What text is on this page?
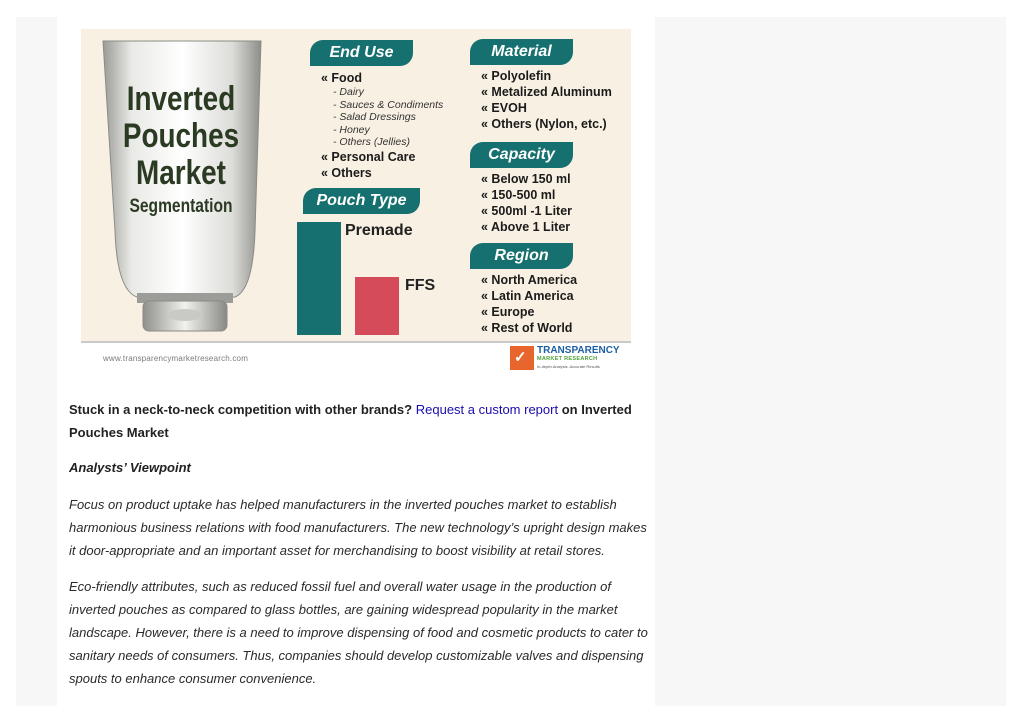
Inverted
Pouches
Market
Segmentation
End Use
« Food
- Dairy
- Sauces & Condiments
- Salad Dressings
- Honey
- Others (Jellies)
« Personal Care
« Others
Pouch Type
Premade
FFS
Material
« Polyolefin
« Metalized Aluminum
« EVOH
« Others (Nylon, etc.)
Capacity
« Below 150 ml
« 150-500 ml
« 500ml -1 Liter
« Above 1 Liter
Region
« North America
« Latin America
« Europe
« Rest of World
www.transparencymarketresearch.com	✓ TRANSPARENCY
MARKET RESEARCH
In-depth Analysis. Accurate Results
Stuck in a neck-to-neck competition with other brands? Request a custom report on Inverted Pouches Market
Analysts’ Viewpoint
Focus on product uptake has helped manufacturers in the inverted pouches market to establish harmonious business relations with food manufacturers. The new technology’s upright design makes it door-appropriate and an important asset for merchandising to boost visibility at retail stores.
Eco-friendly attributes, such as reduced fossil fuel and overall water usage in the production of inverted pouches as compared to glass bottles, are gaining widespread popularity in the market landscape. However, there is a need to improve dispensing of food and cosmetic products to cater to sanitary needs of consumers. Thus, companies should develop customizable valves and dispensing spouts to enhance consumer convenience.
